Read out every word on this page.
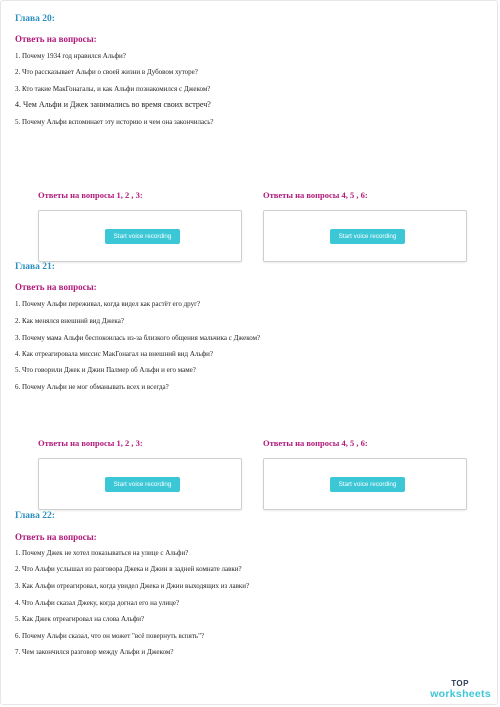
Глава 20:
Ответь на вопросы:
1. Почему 1934 год нравился Альфи?
2. Что рассказывает Альфи о своей жизни в Дубовом хуторе?
3. Кто такие МакГонагалы, и как Альфи познакомился с Джеком?
4. Чем Альфи и Джек занимались во время своих встреч?
5. Почему Альфи вспоминает эту историю и чем она закончилась?
Ответы на вопросы 1, 2 , 3:	Ответы на вопросы 4, 5 , 6:
Start voice recording	Start voice recording
Глава 21:
Ответь на вопросы:
1. Почему Альфи переживал, когда видел как растёт его друг?
2. Как менялся внешний вид Джека?
3. Почему мама Альфи беспокоилась из-за близкого общения мальчика с Джеком?
4. Как отреагировала миссис МакГонагал на внешний вид Альфи?
5. Что говорили Джек и Джин Палмер об Альфи и его маме?
6. Почему Альфи не мог обманывать всех и всегда?
Ответы на вопросы 1, 2 , 3:	Ответы на вопросы 4, 5 , 6:
Start voice recording	Start voice recording
Глава 22:
Ответь на вопросы:
1. Почему Джек не хотел показываться на улице с Альфи?
2. Что Альфи услышал из разговора Джека и Джин в задней комнате лавки?
3. Как Альфи отреагировал, когда увидел Джека и Джин выходящих из лавки?
4. Что Альфи сказал Джеку, когда догнал его на улице?
5. Как Джек отреагировал на слова Альфи?
6. Почему Альфи сказал, что он может "всё повернуть вспять"?
7. Чем закончился разговор между Альфи и Джеком?
TOP
worksheets
